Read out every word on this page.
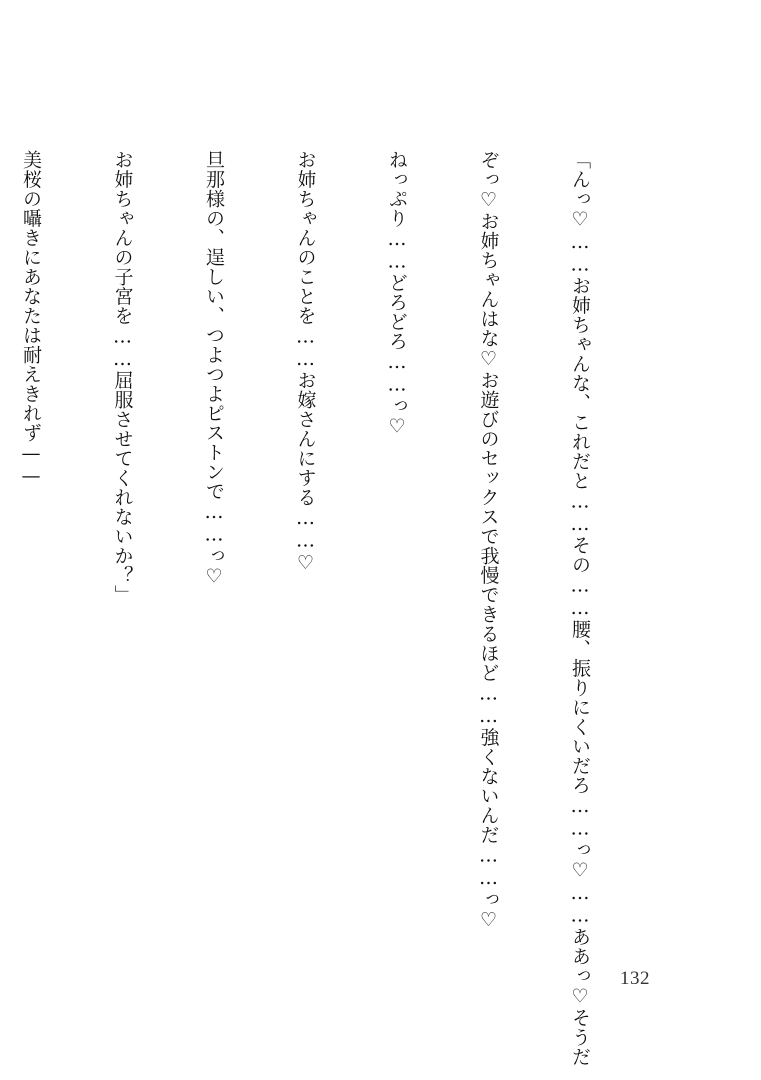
「んっ♡……お姉ちゃんな、これだと……その……腰、振りにくいだろ……っ♡……ああっ♡そうだ

ぞっ♡お姉ちゃんはな♡お遊びのセックスで我慢できるほど……強くないんだ……っ♡

ねっぷり……どろどろ……っ♡

お姉ちゃんのことを……お嫁さんにする……♡

旦那様の、逞しい、つよつよピストンで……っ♡

お姉ちゃんの子宮を……屈服させてくれないか？」

美桜の囁きにあなたは耐えきれず——

132
